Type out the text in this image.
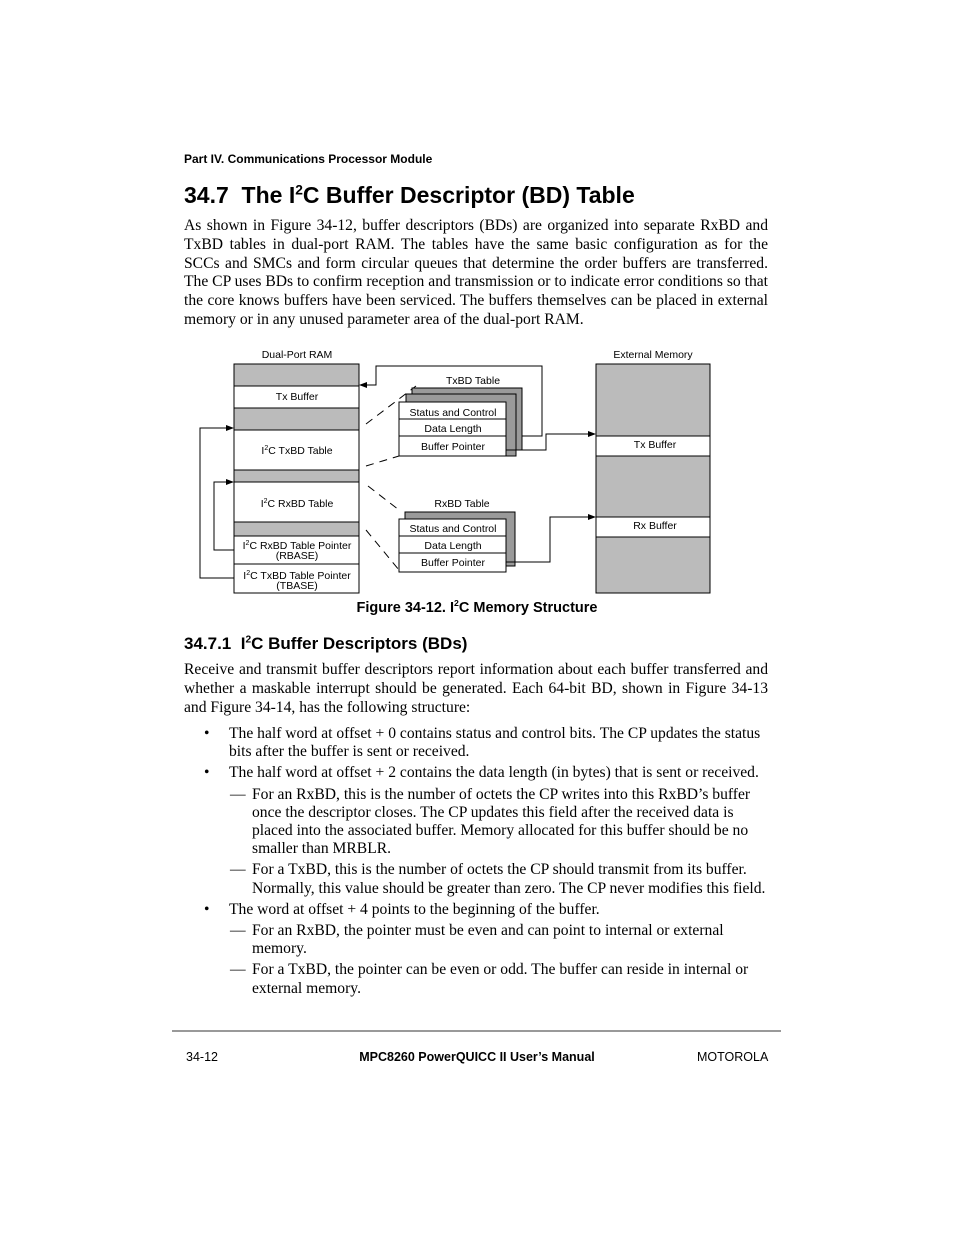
Part IV. Communications Processor Module
34.7 The $I^2C$ Buffer Descriptor (BD) Table

As shown in Figure 34-12, buffer descriptors (BDs) are organized into separate RxBD and TxBD tables in dual-port RAM. The tables have the same basic configuration as for the SCCs and SMCs and form circular queues that determine the order buffers are transferred. The CP uses BDs to confirm reception and transmission or to indicate error conditions so that the core knows buffers have been serviced. The buffers themselves can be placed in external memory or in any unused parameter area of the dual-port RAM.

Dual-Port RAM	External Memory
Tx Buffer
$I^2C$ TxBD Table
$I^2C$ RxBD Table
$I^2C$ RxBD Table Pointer
(RBASE)
$I^2C$ TxBD Table Pointer
(TBASE)
TxBD Table
Status and Control
Data Length
Buffer Pointer
RxBD Table
Status and Control
Data Length
Buffer Pointer
Tx Buffer
Rx Buffer
Figure 34-12. $I^2C$ Memory Structure
34.7.1 $I^2C$ Buffer Descriptors (BDs)

Receive and transmit buffer descriptors report information about each buffer transferred and whether a maskable interrupt should be generated. Each 64-bit BD, shown in Figure 34-13 and Figure 34-14, has the following structure:

• The half word at offset + 0 contains status and control bits. The CP updates the status bits after the buffer is sent or received.
• The half word at offset + 2 contains the data length (in bytes) that is sent or received.
— For an RxBD, this is the number of octets the CP writes into this RxBD’s buffer once the descriptor closes. The CP updates this field after the received data is placed into the associated buffer. Memory allocated for this buffer should be no smaller than MRBLR.
— For a TxBD, this is the number of octets the CP should transmit from its buffer. Normally, this value should be greater than zero. The CP never modifies this field.
• The word at offset + 4 points to the beginning of the buffer.
— For an RxBD, the pointer must be even and can point to internal or external memory.
— For a TxBD, the pointer can be even or odd. The buffer can reside in internal or external memory.
34-12	MPC8260 PowerQUICC II User’s Manual	MOTOROLA
